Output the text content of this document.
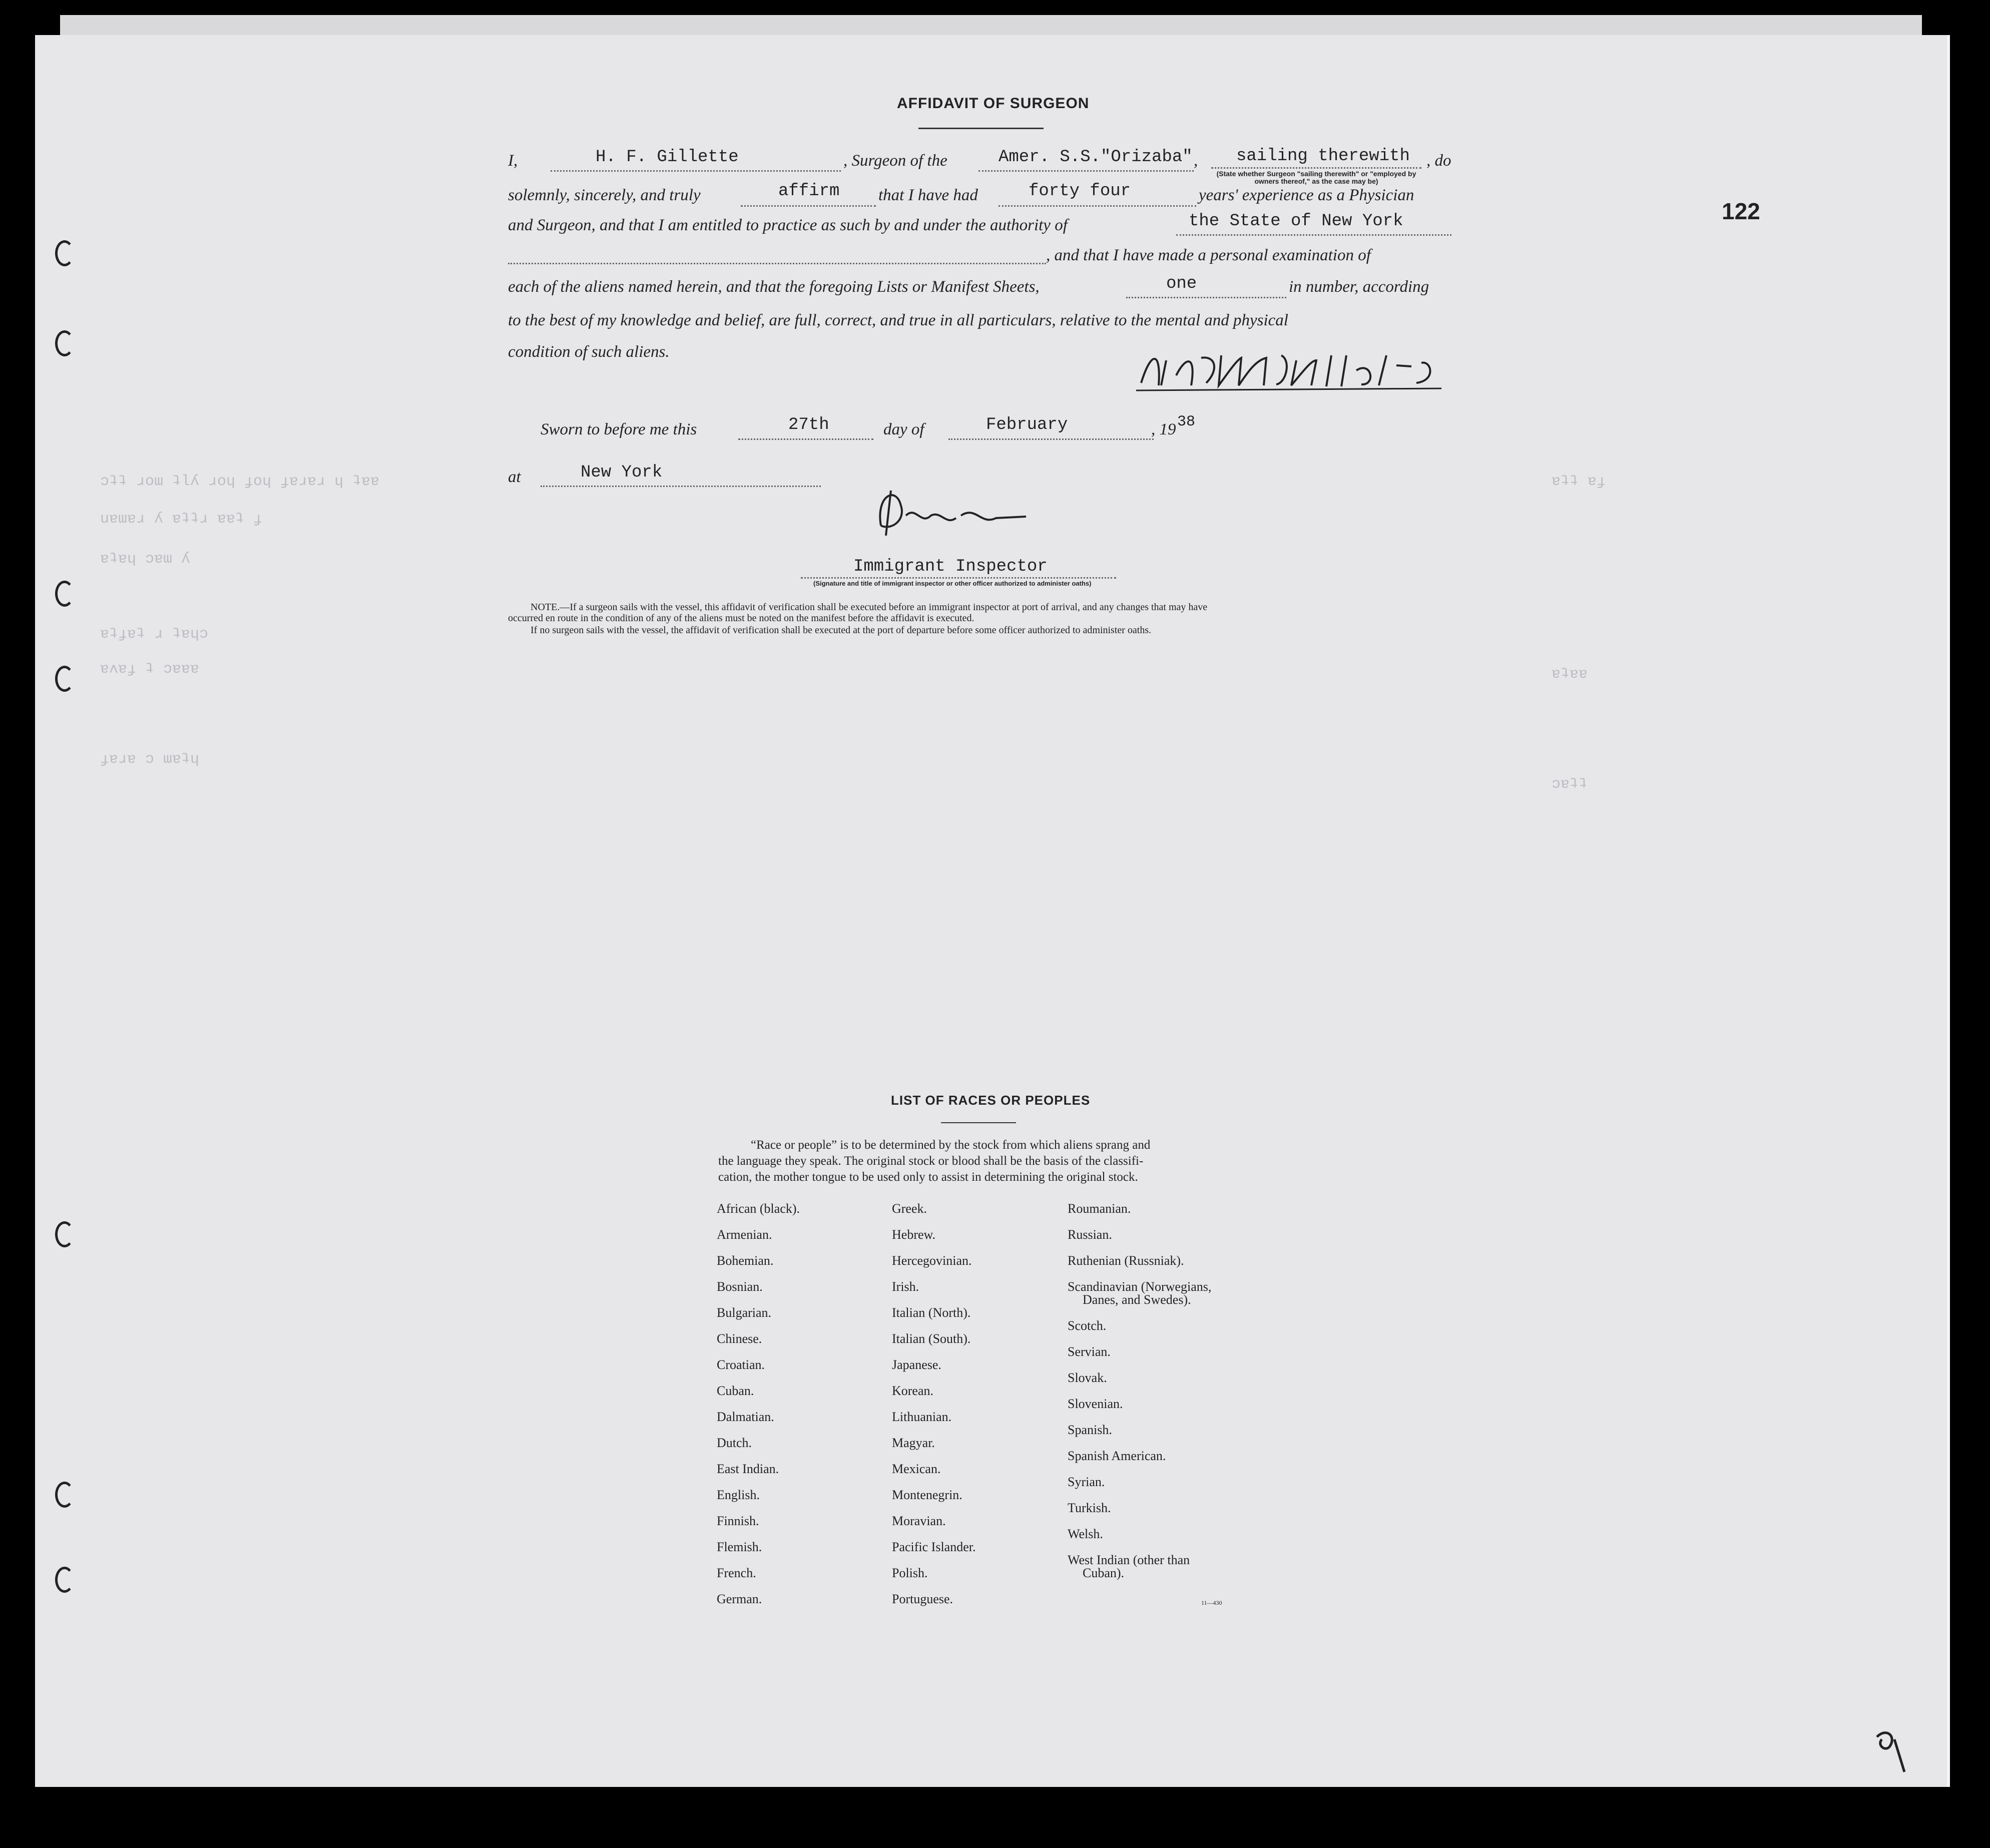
ɔʇʇ ɹoɯ ʇlʎ ɹoɥ ɟoɥ ɟɐɹɐɹ ɥ ʇɐɐ
uɐɯɐɹ ʎ ɐʇʇɹ ɐɐʇ ɟ
ɐʇɐɥ ɔɐɯ ʎ
ɐʇɟɐʇ ɹ ʇɐɥɔ
ɐʌɐɟ ʇ ɔɐɐɐ
ɟɐɹɐ ɔ ɯɐʇɥ
ɐʇʇ ɐɟ
ɐʇɐɐ
ɔɐʇʇ
122
AFFIDAVIT OF SURGEON
I,	H. F. Gillette	, Surgeon of the	Amer. S.S."Orizaba" , sailing therewith , do
(State whether Surgeon "sailing therewith" or "employed by owners thereof," as the case may be)
solemnly, sincerely, and truly	affirm that I have had	forty four	years' experience as a Physician
and Surgeon, and that I am entitled to practice as such by and under the authority of	the State of New York
, and that I have made a personal examination of
each of the aliens named herein, and that the foregoing Lists or Manifest Sheets,	one	in number, according
to the best of my knowledge and belief, are full, correct, and true in all particulars, relative to the mental and physical
condition of such aliens.
Sworn to before me this	27th	day of	February	, 19 38
at	New York
Immigrant Inspector
(Signature and title of immigrant inspector or other officer authorized to administer oaths)
NOTE.—If a surgeon sails with the vessel, this affidavit of verification shall be executed before an immigrant inspector at port of arrival, and any changes that may have
occurred en route in the condition of any of the aliens must be noted on the manifest before the affidavit is executed.
If no surgeon sails with the vessel, the affidavit of verification shall be executed at the port of departure before some officer authorized to administer oaths.
LIST OF RACES OR PEOPLES
“Race or people” is to be determined by the stock from which aliens sprang and
the language they speak. The original stock or blood shall be the basis of the classifi-
cation, the mother tongue to be used only to assist in determining the original stock.
African (black).
Armenian.
Bohemian.
Bosnian.
Bulgarian.
Chinese.
Croatian.
Cuban.
Dalmatian.
Dutch.
East Indian.
English.
Finnish.
Flemish.
French.
German.
Greek.
Hebrew.
Hercegovinian.
Irish.
Italian (North).
Italian (South).
Japanese.
Korean.
Lithuanian.
Magyar.
Mexican.
Montenegrin.
Moravian.
Pacific Islander.
Polish.
Portuguese.
Roumanian.
Russian.
Ruthenian (Russniak).
Scandinavian (Norwegians,
Danes, and Swedes).
Scotch.
Servian.
Slovak.
Slovenian.
Spanish.
Spanish American.
Syrian.
Turkish.
Welsh.
West Indian (other than
Cuban).
11—430
